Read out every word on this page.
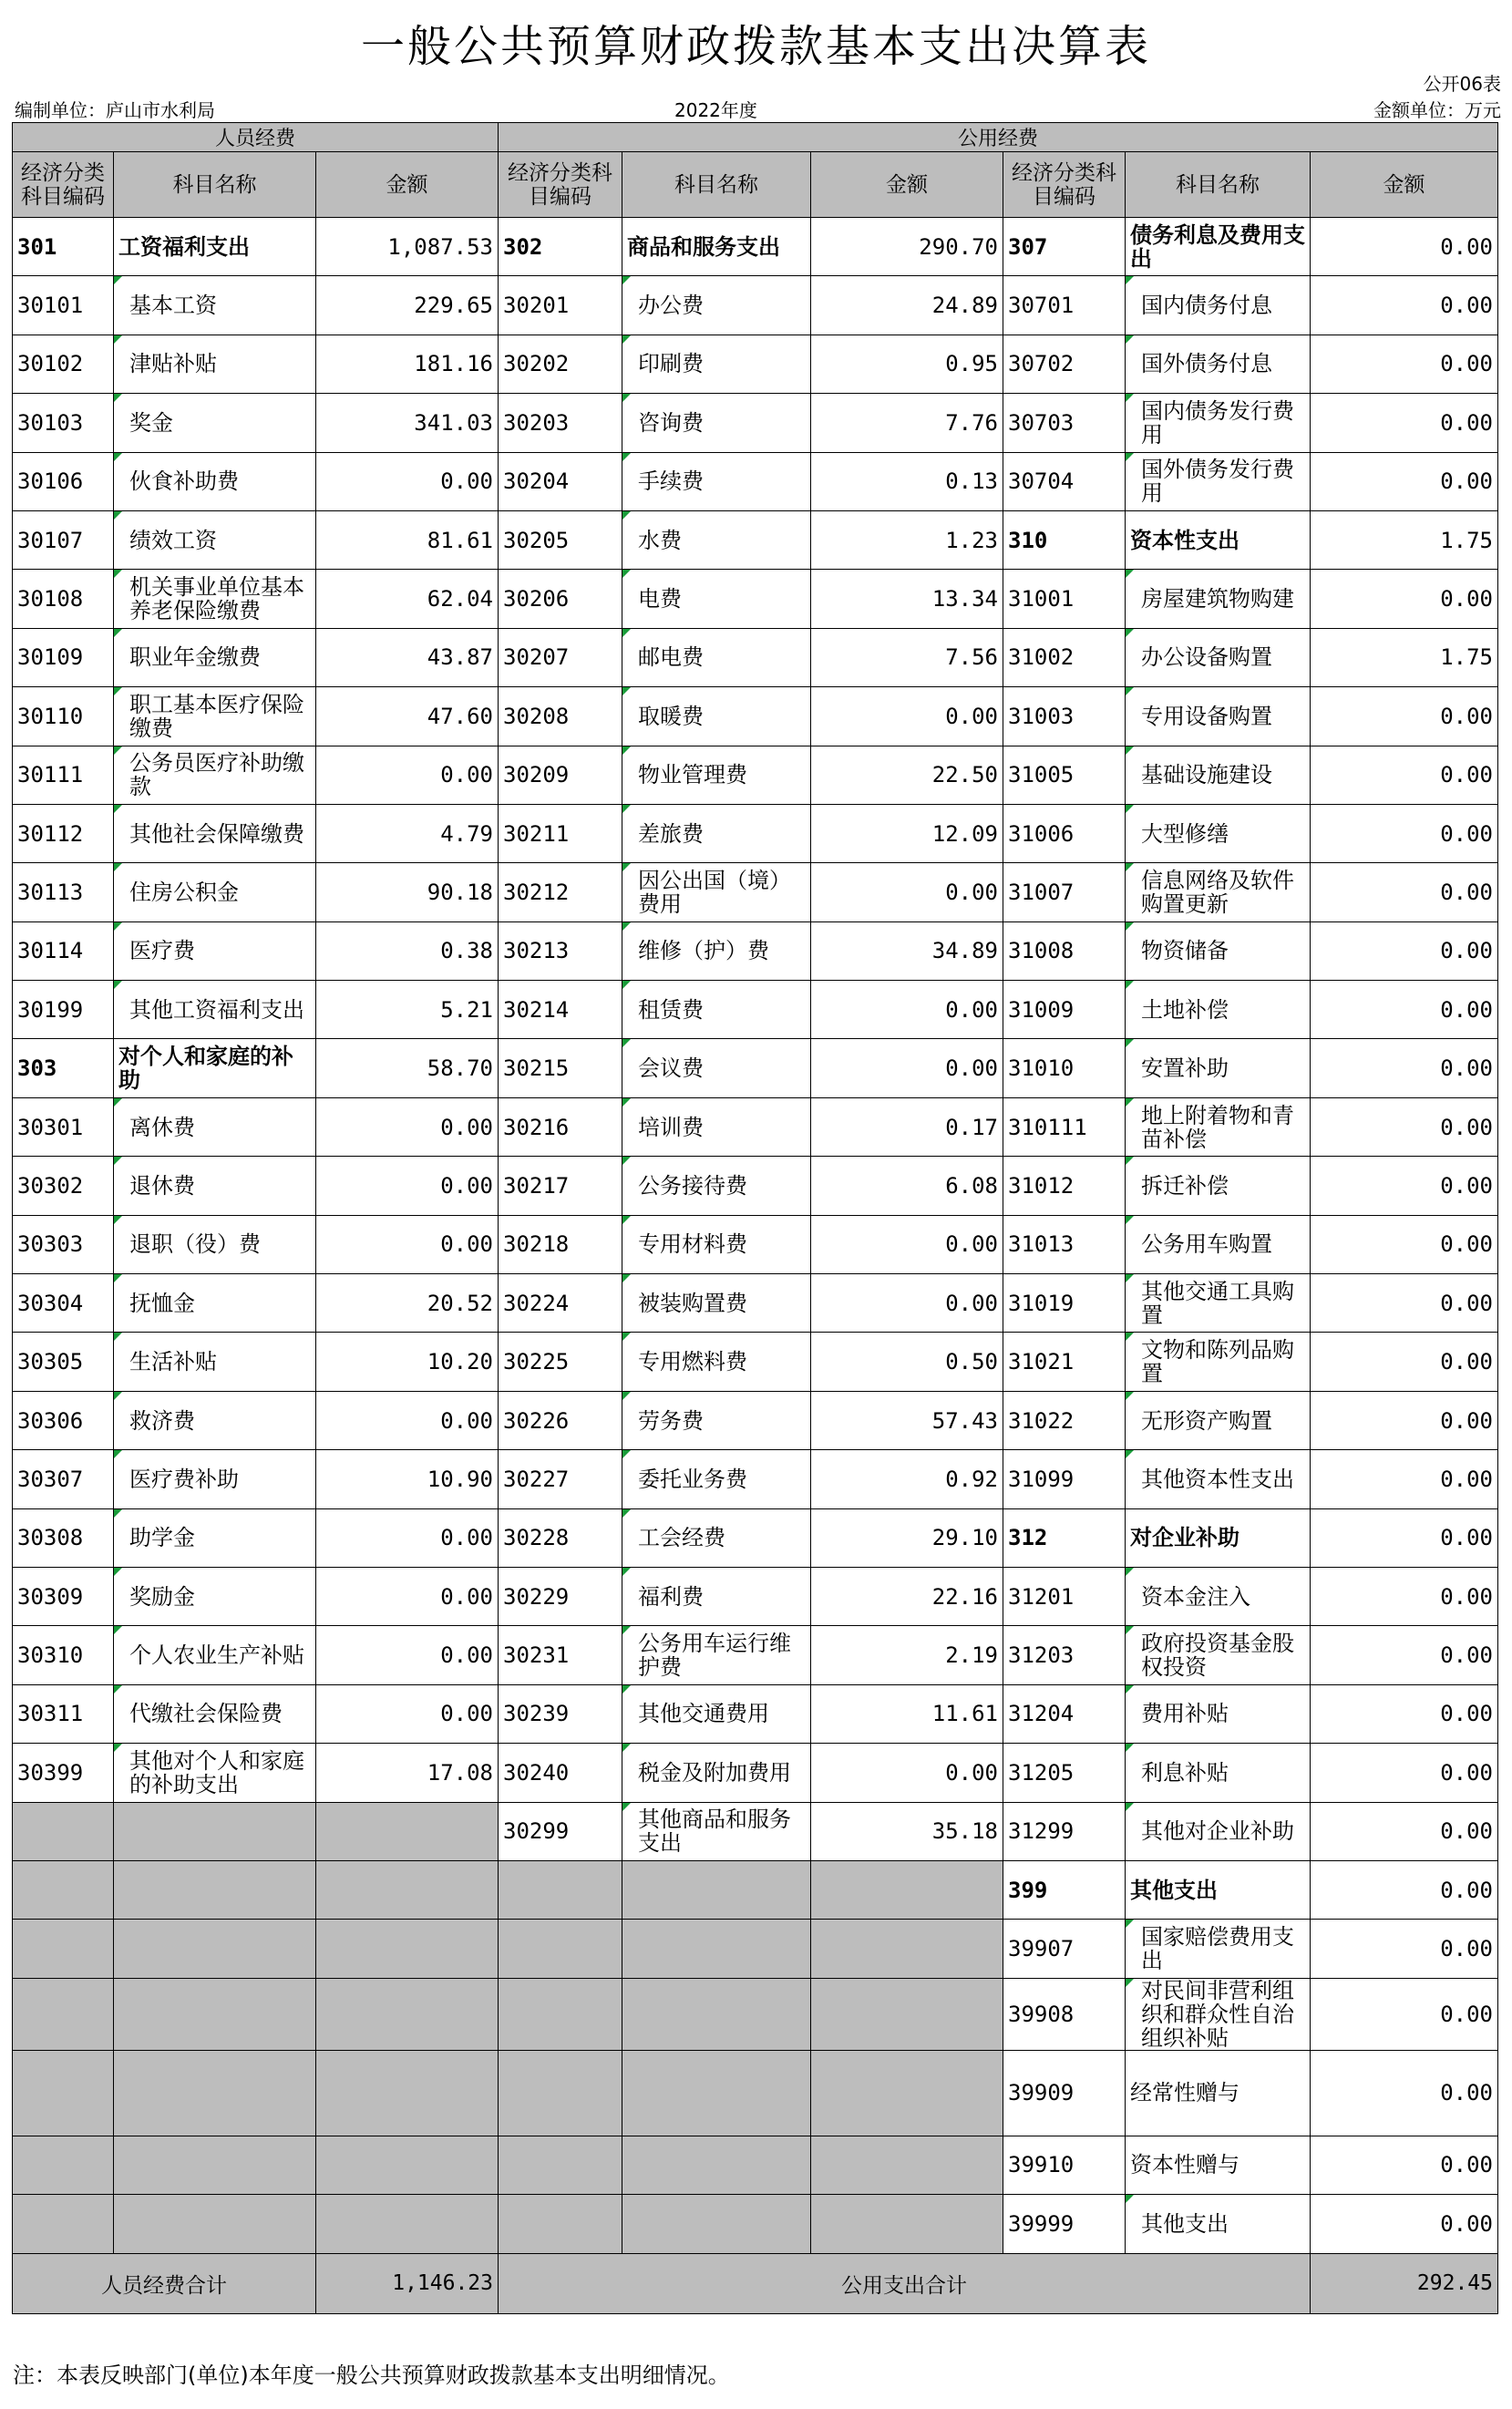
一般公共预算财政拨款基本支出决算表
公开06表
编制单位：庐山市水利局	2022年度	金额单位：万元
人员经费			公用经费					
经济分类科目编码	科目名称	金额	经济分类科目编码	科目名称	金额	经济分类科目编码	科目名称	金额
301	工资福利支出	1,087.53	302	商品和服务支出	290.70	307	债务利息及费用支出	0.00
30101	基本工资	229.65	30201	办公费	24.89	30701	国内债务付息	0.00
30102	津贴补贴	181.16	30202	印刷费	0.95	30702	国外债务付息	0.00
30103	奖金	341.03	30203	咨询费	7.76	30703	国内债务发行费用	0.00
30106	伙食补助费	0.00	30204	手续费	0.13	30704	国外债务发行费用	0.00
30107	绩效工资	81.61	30205	水费	1.23	310	资本性支出	1.75
30108	机关事业单位基本养老保险缴费	62.04	30206	电费	13.34	31001	房屋建筑物购建	0.00
30109	职业年金缴费	43.87	30207	邮电费	7.56	31002	办公设备购置	1.75
30110	职工基本医疗保险缴费	47.60	30208	取暖费	0.00	31003	专用设备购置	0.00
30111	公务员医疗补助缴款	0.00	30209	物业管理费	22.50	31005	基础设施建设	0.00
30112	其他社会保障缴费	4.79	30211	差旅费	12.09	31006	大型修缮	0.00
30113	住房公积金	90.18	30212	因公出国（境）费用	0.00	31007	信息网络及软件购置更新	0.00
30114	医疗费	0.38	30213	维修（护）费	34.89	31008	物资储备	0.00
30199	其他工资福利支出	5.21	30214	租赁费	0.00	31009	土地补偿	0.00
303	对个人和家庭的补助	58.70	30215	会议费	0.00	31010	安置补助	0.00
30301	离休费	0.00	30216	培训费	0.17	310111	地上附着物和青苗补偿	0.00
30302	退休费	0.00	30217	公务接待费	6.08	31012	拆迁补偿	0.00
30303	退职（役）费	0.00	30218	专用材料费	0.00	31013	公务用车购置	0.00
30304	抚恤金	20.52	30224	被装购置费	0.00	31019	其他交通工具购置	0.00
30305	生活补贴	10.20	30225	专用燃料费	0.50	31021	文物和陈列品购置	0.00
30306	救济费	0.00	30226	劳务费	57.43	31022	无形资产购置	0.00
30307	医疗费补助	10.90	30227	委托业务费	0.92	31099	其他资本性支出	0.00
30308	助学金	0.00	30228	工会经费	29.10	312	对企业补助	0.00
30309	奖励金	0.00	30229	福利费	22.16	31201	资本金注入	0.00
30310	个人农业生产补贴	0.00	30231	公务用车运行维护费	2.19	31203	政府投资基金股权投资	0.00
30311	代缴社会保险费	0.00	30239	其他交通费用	11.61	31204	费用补贴	0.00
30399	其他对个人和家庭的补助支出	17.08	30240	税金及附加费用	0.00	31205	利息补贴	0.00
			30299	其他商品和服务支出	35.18	31299	其他对企业补助	0.00
						399	其他支出	0.00
						39907	国家赔偿费用支出	0.00
						39908	对民间非营利组织和群众性自治组织补贴	0.00
						39909	经常性赠与	0.00
						39910	资本性赠与	0.00
						39999	其他支出	0.00
人员经费合计		1,146.23	公用支出合计					292.45
注：本表反映部门(单位)本年度一般公共预算财政拨款基本支出明细情况。
